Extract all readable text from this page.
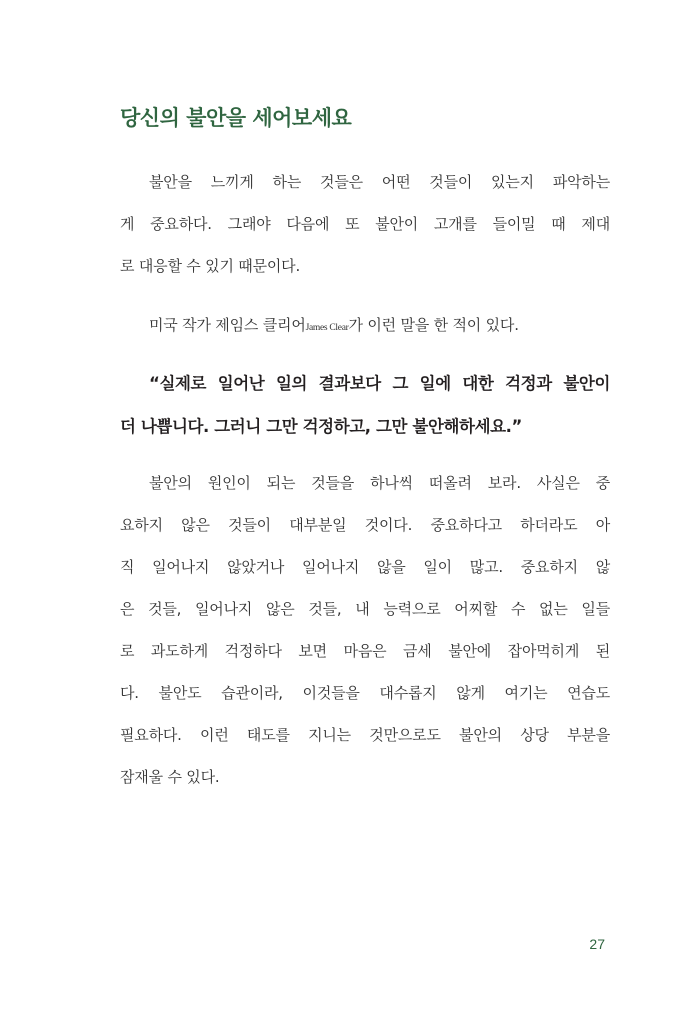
당신의 불안을 세어보세요
불안을 느끼게 하는 것들은 어떤 것들이 있는지 파악하는
게 중요하다. 그래야 다음에 또 불안이 고개를 들이밀 때 제대
로 대응할 수 있기 때문이다.
미국 작가 제임스 클리어James Clear가 이런 말을 한 적이 있다.
“실제로 일어난 일의 결과보다 그 일에 대한 걱정과 불안이
더 나쁩니다. 그러니 그만 걱정하고, 그만 불안해하세요.”
불안의 원인이 되는 것들을 하나씩 떠올려 보라. 사실은 중
요하지 않은 것들이 대부분일 것이다. 중요하다고 하더라도 아
직 일어나지 않았거나 일어나지 않을 일이 많고. 중요하지 않
은 것들, 일어나지 않은 것들, 내 능력으로 어찌할 수 없는 일들
로 과도하게 걱정하다 보면 마음은 금세 불안에 잡아먹히게 된
다. 불안도 습관이라, 이것들을 대수롭지 않게 여기는 연습도
필요하다. 이런 태도를 지니는 것만으로도 불안의 상당 부분을
잠재울 수 있다.
27
